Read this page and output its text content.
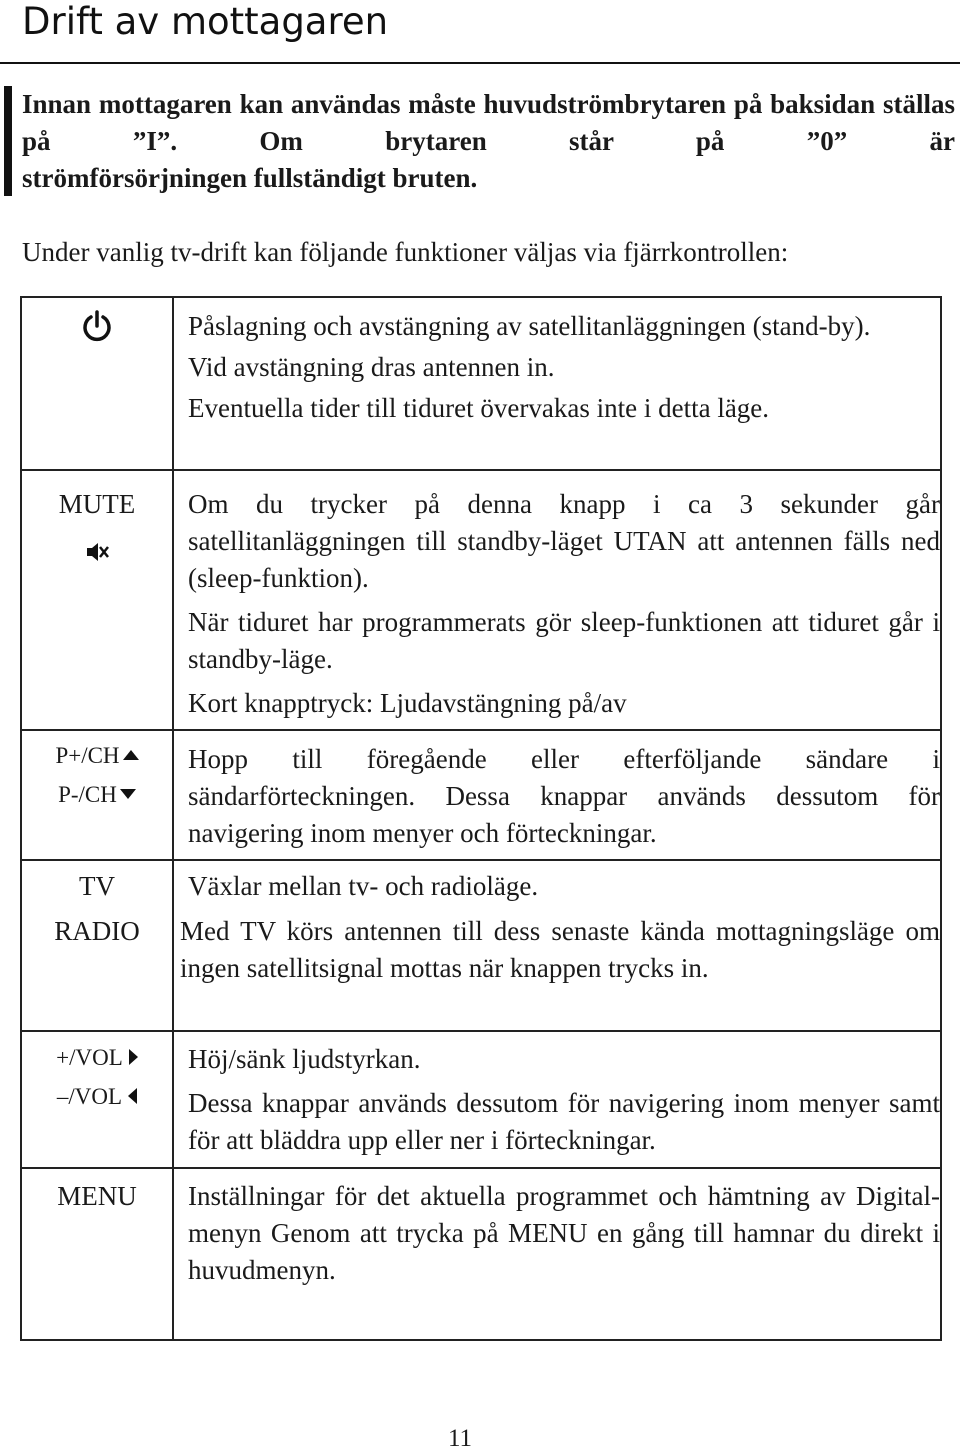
Drift av mottagaren

Innan mottagaren kan användas måste huvudströmbrytaren på baksidan ställas på ”I”. Om brytaren står på ”0” är
strömförsörjningen fullständigt bruten.

Under vanlig tv-drift kan följande funktioner väljas via fjärrkontrollen:

Påslagning och avstängning av satellitanläggningen (stand-by).

Vid avstängning dras antennen in.

Eventuella tider till tiduret övervakas inte i detta läge.

MUTE	Om du trycker på denna knapp i ca 3 sekunder går satellitanläggningen till standby-läget UTAN att antennen fälls ned (sleep-funktion).

När tiduret har programmerats gör sleep-funktionen att tiduret går i standby-läge.

Kort knapptryck: Ljudavstängning på/av

P+/CH
P-/CH

Hopp till föregående eller efterföljande sändare i sändarförteckningen. Dessa knappar används dessutom för navigering inom menyer och förteckningar.

TV
RADIO

Växlar mellan tv- och radioläge.

Med TV körs antennen till dess senaste kända mottagningsläge om ingen satellitsignal mottas när knappen trycks in.

+/VOL
–/VOL

Höj/sänk ljudstyrkan.

Dessa knappar används dessutom för navigering inom menyer samt för att bläddra upp eller ner i förteckningar.

MENU	Inställningar för det aktuella programmet och hämtning av Digital-menyn Genom att trycka på MENU en gång till hamnar du direkt i huvudmenyn.

11
